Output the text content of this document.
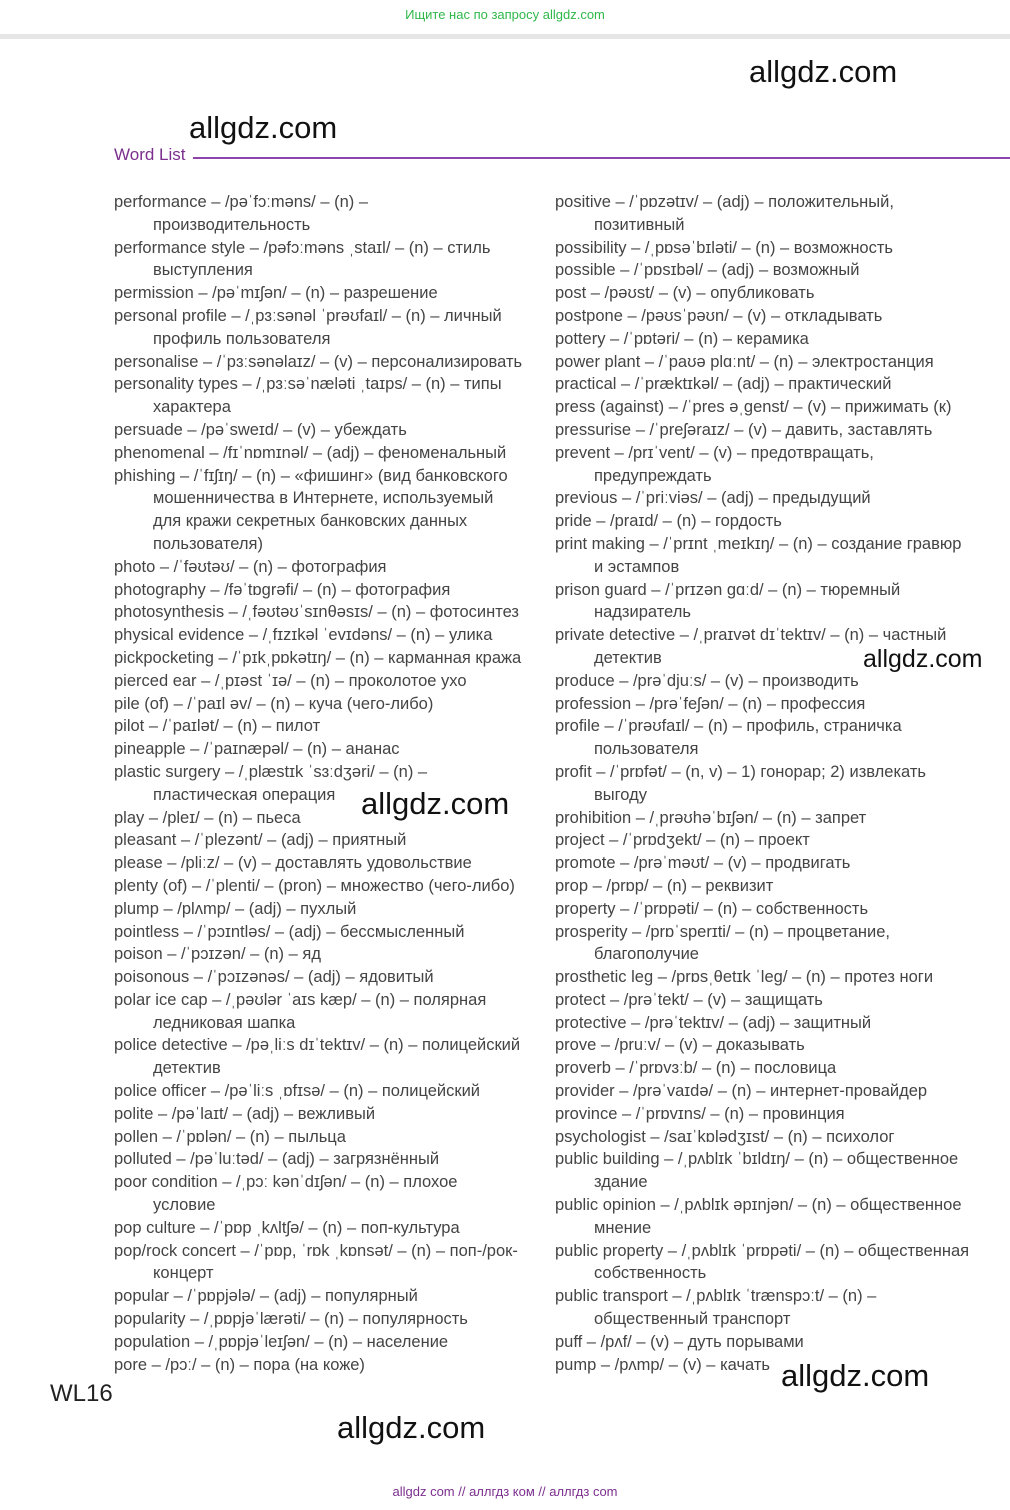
Ищите нас по запросу allgdz.com
allgdz.com
allgdz.com
Word List

performance – /pəˈfɔːməns/ – (n) – производительность

performance style – /pəfɔːməns ˌstaɪl/ – (n) – стиль выступления

permission – /pəˈmɪʃən/ – (n) – разрешение

personal profile – /ˌpɜːsənəl ˈprəʊfaɪl/ – (n) – личный профиль пользователя

personalise – /ˈpɜːsənəlaɪz/ – (v) – персонализировать

personality types – /ˌpɜːsəˈnæləti ˌtaɪps/ – (n) – типы характера

persuade – /pəˈsweɪd/ – (v) – убеждать

phenomenal – /fɪˈnɒmɪnəl/ – (adj) – феноменальный

phishing – /ˈfɪʃɪŋ/ – (n) – «фишинг» (вид банковского мошенничества в Интернете, используемый для кражи секретных банковских данных пользователя)

photo – /ˈfəʊtəʊ/ – (n) – фотография

photography – /fəˈtɒɡrəfi/ – (n) – фотография

photosynthesis – /ˌfəʊtəʊˈsɪnθəsɪs/ – (n) – фотосинтез

physical evidence – /ˌfɪzɪkəl ˈevɪdəns/ – (n) – улика

pickpocketing – /ˈpɪkˌpɒkətɪŋ/ – (n) – карманная кража

pierced ear – /ˌpɪəst ˈɪə/ – (n) – проколотое ухо

pile (of) – /ˈpaɪl əv/ – (n) – куча (чего-либо)

pilot – /ˈpaɪlət/ – (n) – пилот

pineapple – /ˈpaɪnæpəl/ – (n) – ананас

plastic surgery – /ˌplæstɪk ˈsɜːdʒəri/ – (n) – пластическая операция

play – /pleɪ/ – (n) – пьеса

pleasant – /ˈplezənt/ – (adj) – приятный

please – /pliːz/ – (v) – доставлять удовольствие

plenty (of) – /ˈplenti/ – (pron) – множество (чего-либо)

plump – /plʌmp/ – (adj) – пухлый

pointless – /ˈpɔɪntləs/ – (adj) – бессмысленный

poison – /ˈpɔɪzən/ – (n) – яд

poisonous – /ˈpɔɪzənəs/ – (adj) – ядовитый

polar ice cap – /ˌpəʊlər ˈaɪs kæp/ – (n) – полярная ледниковая шапка

police detective – /pəˌliːs dɪˈtektɪv/ – (n) – полицейский детектив

police officer – /pəˈliːs ˌɒfɪsə/ – (n) – полицейский

polite – /pəˈlaɪt/ – (adj) – вежливый

pollen – /ˈpɒlən/ – (n) – пыльца

polluted – /pəˈluːtəd/ – (adj) – загрязнённый

poor condition – /ˌpɔː kənˈdɪʃən/ – (n) – плохое условие

pop culture – /ˈpɒp ˌkʌltʃə/ – (n) – поп-культура

pop/rock concert – /ˈpɒp, ˈrɒk ˌkɒnsət/ – (n) – поп-/рок-концерт

popular – /ˈpɒpjələ/ – (adj) – популярный

popularity – /ˌpɒpjəˈlærəti/ – (n) – популярность

population – /ˌpɒpjəˈleɪʃən/ – (n) – население

pore – /pɔː/ – (n) – пора (на коже)

positive – /ˈpɒzətɪv/ – (adj) – положительный, позитивный

possibility – /ˌpɒsəˈbɪləti/ – (n) – возможность

possible – /ˈpɒsɪbəl/ – (adj) – возможный

post – /pəʊst/ – (v) – опубликовать

postpone – /pəʊsˈpəʊn/ – (v) – откладывать

pottery – /ˈpɒtəri/ – (n) – керамика

power plant – /ˈpaʊə plɑːnt/ – (n) – электростанция

practical – /ˈpræktɪkəl/ – (adj) – практический

press (against) – /ˈpres əˌɡenst/ – (v) – прижимать (к)

pressurise – /ˈpreʃəraɪz/ – (v) – давить, заставлять

prevent – /prɪˈvent/ – (v) – предотвращать, предупреждать

previous – /ˈpriːviəs/ – (adj) – предыдущий

pride – /praɪd/ – (n) – гордость

print making – /ˈprɪnt ˌmeɪkɪŋ/ – (n) – создание гравюр и эстампов

prison guard – /ˈprɪzən ɡɑːd/ – (n) – тюремный надзиратель

private detective – /ˌpraɪvət dɪˈtektɪv/ – (n) – частный детектив

produce – /prəˈdjuːs/ – (v) – производить

profession – /prəˈfeʃən/ – (n) – профессия

profile – /ˈprəʊfaɪl/ – (n) – профиль, страничка пользователя

profit – /ˈprɒfət/ – (n, v) – 1) гонорар; 2) извлекать выгоду

prohibition – /ˌprəʊhəˈbɪʃən/ – (n) – запрет

project – /ˈprɒdʒekt/ – (n) – проект

promote – /prəˈməʊt/ – (v) – продвигать

prop – /prɒp/ – (n) – реквизит

property – /ˈprɒpəti/ – (n) – собственность

prosperity – /prɒˈsperɪti/ – (n) – процветание, благополучие

prosthetic leg – /prɒsˌθetɪk ˈleɡ/ – (n) – протез ноги

protect – /prəˈtekt/ – (v) – защищать

protective – /prəˈtektɪv/ – (adj) – защитный

prove – /pruːv/ – (v) – доказывать

proverb – /ˈprɒvɜːb/ – (n) – пословица

provider – /prəˈvaɪdə/ – (n) – интернет-провайдер

province – /ˈprɒvɪns/ – (n) – провинция

psychologist – /saɪˈkɒlədʒɪst/ – (n) – психолог

public building – /ˌpʌblɪk ˈbɪldɪŋ/ – (n) – общественное здание

public opinion – /ˌpʌblɪk əpɪnjən/ – (n) – общественное мнение

public property – /ˌpʌblɪk ˈprɒpəti/ – (n) – общественная собственность

public transport – /ˌpʌblɪk ˈtrænspɔːt/ – (n) – общественный транспорт

puff – /pʌf/ – (v) – дуть порывами

pump – /pʌmp/ – (v) – качать

allgdz.com
allgdz.com
allgdz.com
allgdz.com
WL16
allgdz com // аллгдз ком // аллгдз com
